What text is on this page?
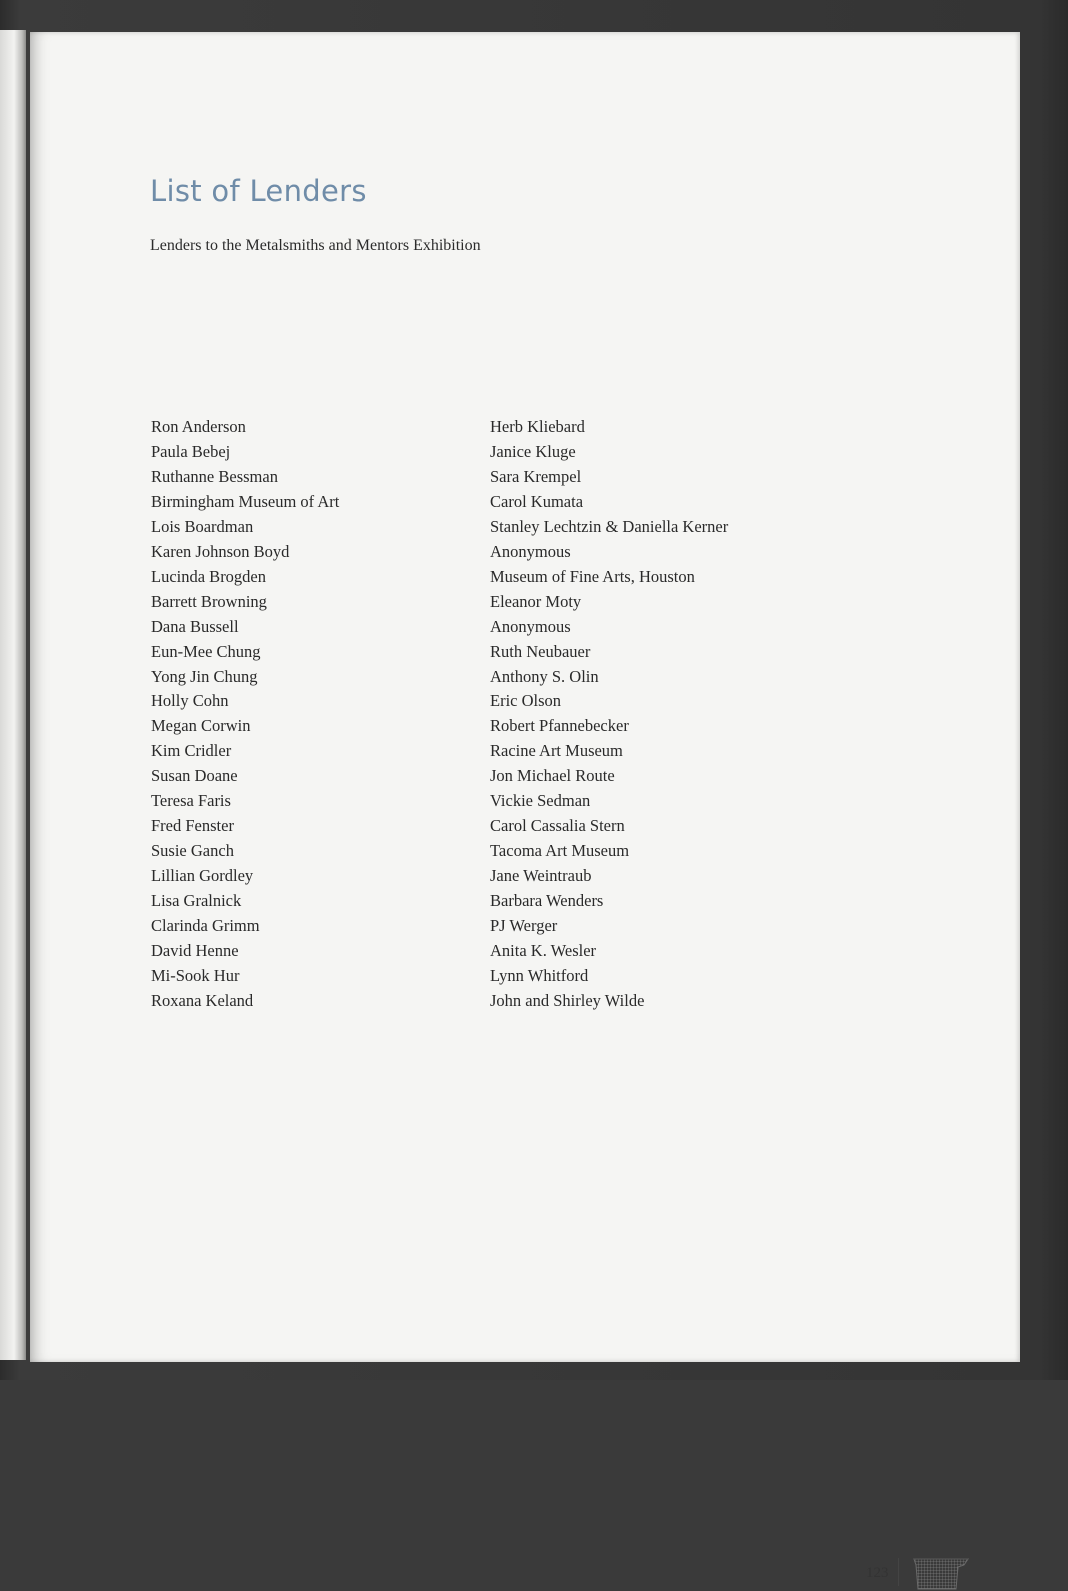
List of Lenders
Lenders to the Metalsmiths and Mentors Exhibition
Ron Anderson
Paula Bebej
Ruthanne Bessman
Birmingham Museum of Art
Lois Boardman
Karen Johnson Boyd
Lucinda Brogden
Barrett Browning
Dana Bussell
Eun-Mee Chung
Yong Jin Chung
Holly Cohn
Megan Corwin
Kim Cridler
Susan Doane
Teresa Faris
Fred Fenster
Susie Ganch
Lillian Gordley
Lisa Gralnick
Clarinda Grimm
David Henne
Mi-Sook Hur
Roxana Keland
Herb Kliebard
Janice Kluge
Sara Krempel
Carol Kumata
Stanley Lechtzin & Daniella Kerner
Anonymous
Museum of Fine Arts, Houston
Eleanor Moty
Anonymous
Ruth Neubauer
Anthony S. Olin
Eric Olson
Robert Pfannebecker
Racine Art Museum
Jon Michael Route
Vickie Sedman
Carol Cassalia Stern
Tacoma Art Museum
Jane Weintraub
Barbara Wenders
PJ Werger
Anita K. Wesler
Lynn Whitford
John and Shirley Wilde
123
